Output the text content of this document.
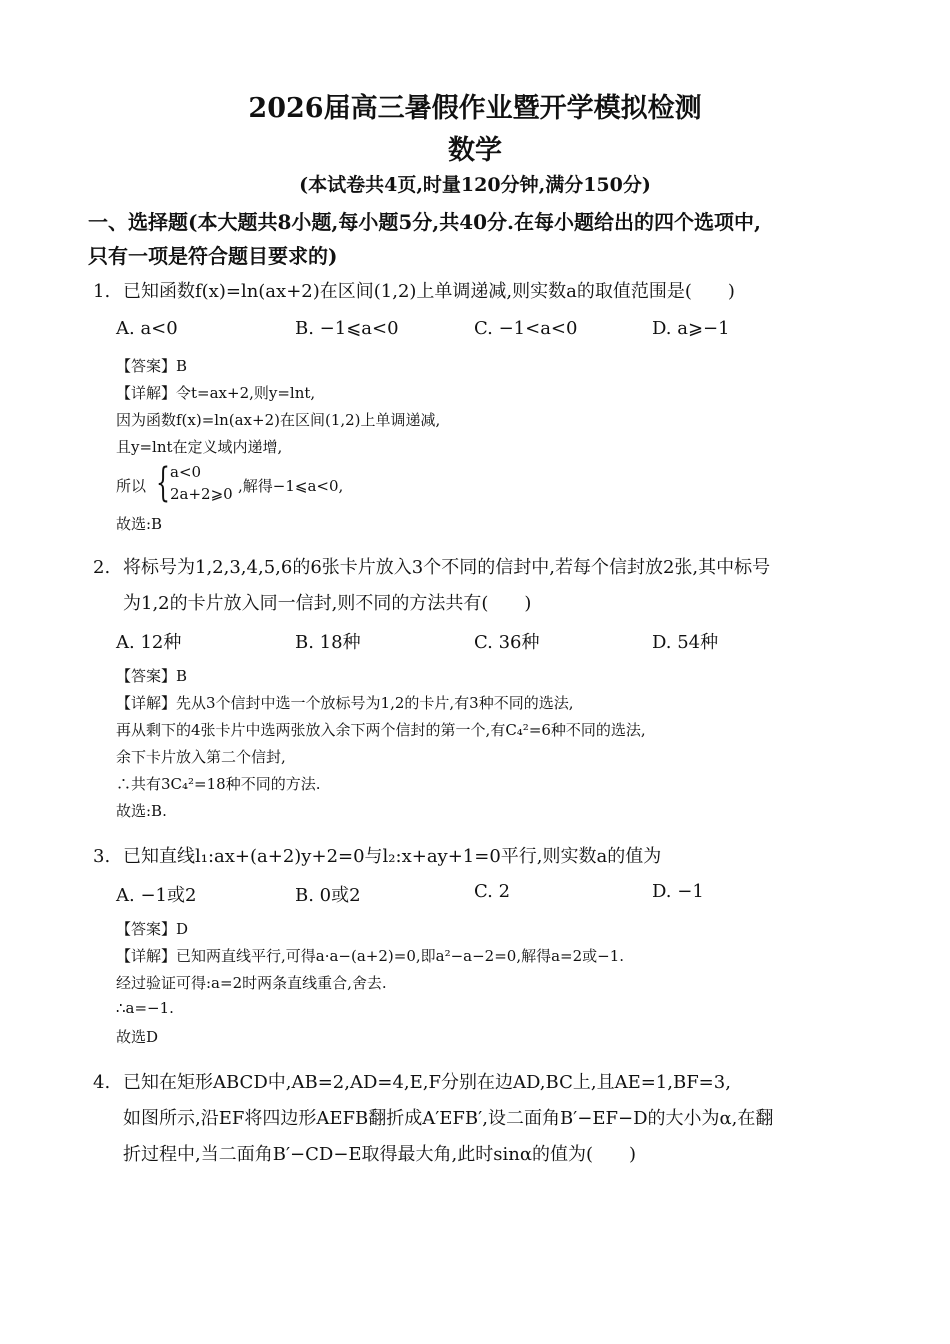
2026届高三暑假作业暨开学模拟检测
数学
(本试卷共4页,时量120分钟,满分150分)
一、选择题(本大题共8小题,每小题5分,共40分.在每小题给出的四个选项中,
只有一项是符合题目要求的)
1. 已知函数f(x)=ln(ax+2)在区间(1,2)上单调递减,则实数a的取值范围是(　　)
A. a<0	B. −1⩽a<0	C. −1<a<0	D. a⩾−1
【答案】B
【详解】令t=ax+2,则y=lnt,
因为函数f(x)=ln(ax+2)在区间(1,2)上单调递减,
且y=lnt在定义域内递增,
所以 { a<0
2a+2⩾0 ,解得−1⩽a<0,
故选:B
2. 将标号为1,2,3,4,5,6的6张卡片放入3个不同的信封中,若每个信封放2张,其中标号
为1,2的卡片放入同一信封,则不同的方法共有(　　)
A. 12种	B. 18种	C. 36种	D. 54种
【答案】B
【详解】先从3个信封中选一个放标号为1,2的卡片,有3种不同的选法,
再从剩下的4张卡片中选两张放入余下两个信封的第一个,有C₄²=6种不同的选法,
余下卡片放入第二个信封,
∴共有3C₄²=18种不同的方法.
故选:B.
3. 已知直线l₁:ax+(a+2)y+2=0与l₂:x+ay+1=0平行,则实数a的值为
A. −1或2	B. 0或2	C. 2	D. −1
【答案】D
【详解】已知两直线平行,可得a·a−(a+2)=0,即a²−a−2=0,解得a=2或−1.
经过验证可得:a=2时两条直线重合,舍去.
∴a=−1.
故选D
4. 已知在矩形ABCD中,AB=2,AD=4,E,F分别在边AD,BC上,且AE=1,BF=3,
如图所示,沿EF将四边形AEFB翻折成A′EFB′,设二面角B′−EF−D的大小为α,在翻
折过程中,当二面角B′−CD−E取得最大角,此时sinα的值为(　　)
